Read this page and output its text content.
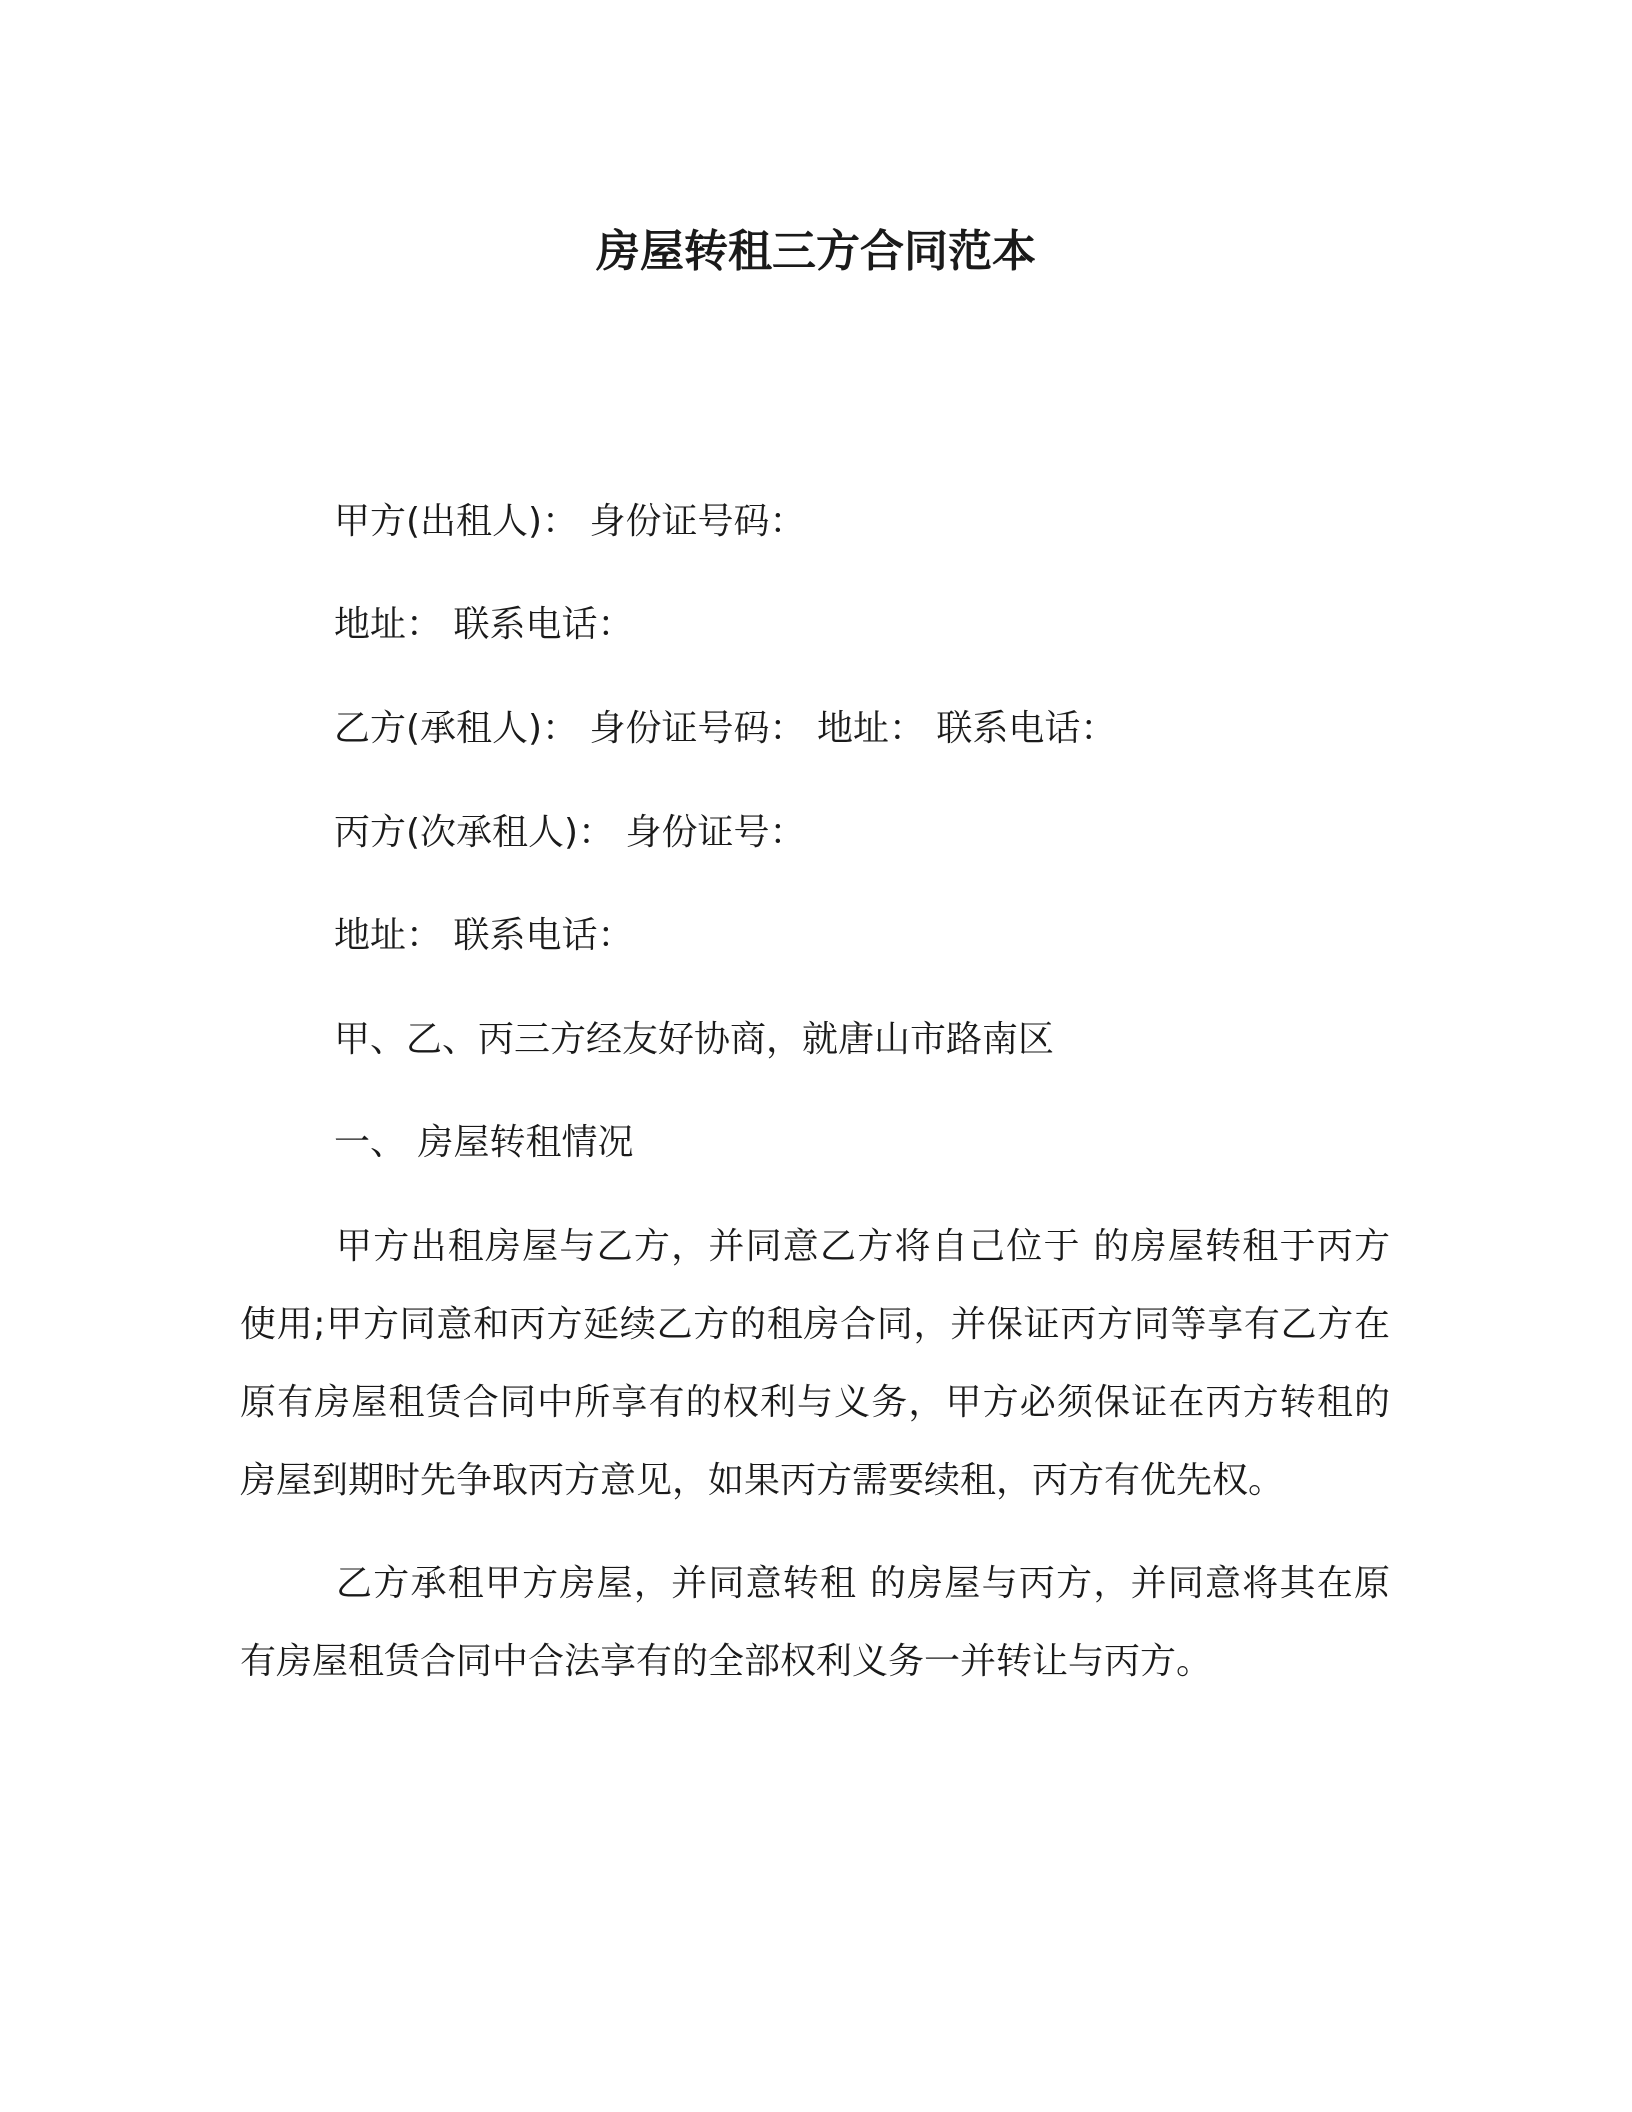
房屋转租三方合同范本

甲方(出租人)： 身份证号码：

地址： 联系电话：

乙方(承租人)： 身份证号码： 地址： 联系电话：

丙方(次承租人)： 身份证号：

地址： 联系电话：

甲、乙、丙三方经友好协商，就唐山市路南区

一、 房屋转租情况

甲方出租房屋与乙方，并同意乙方将自己位于 的房屋转租于丙方使用;甲方同意和丙方延续乙方的租房合同，并保证丙方同等享有乙方在原有房屋租赁合同中所享有的权利与义务，甲方必须保证在丙方转租的房屋到期时先争取丙方意见，如果丙方需要续租，丙方有优先权。

乙方承租甲方房屋，并同意转租 的房屋与丙方，并同意将其在原有房屋租赁合同中合法享有的全部权利义务一并转让与丙方。
